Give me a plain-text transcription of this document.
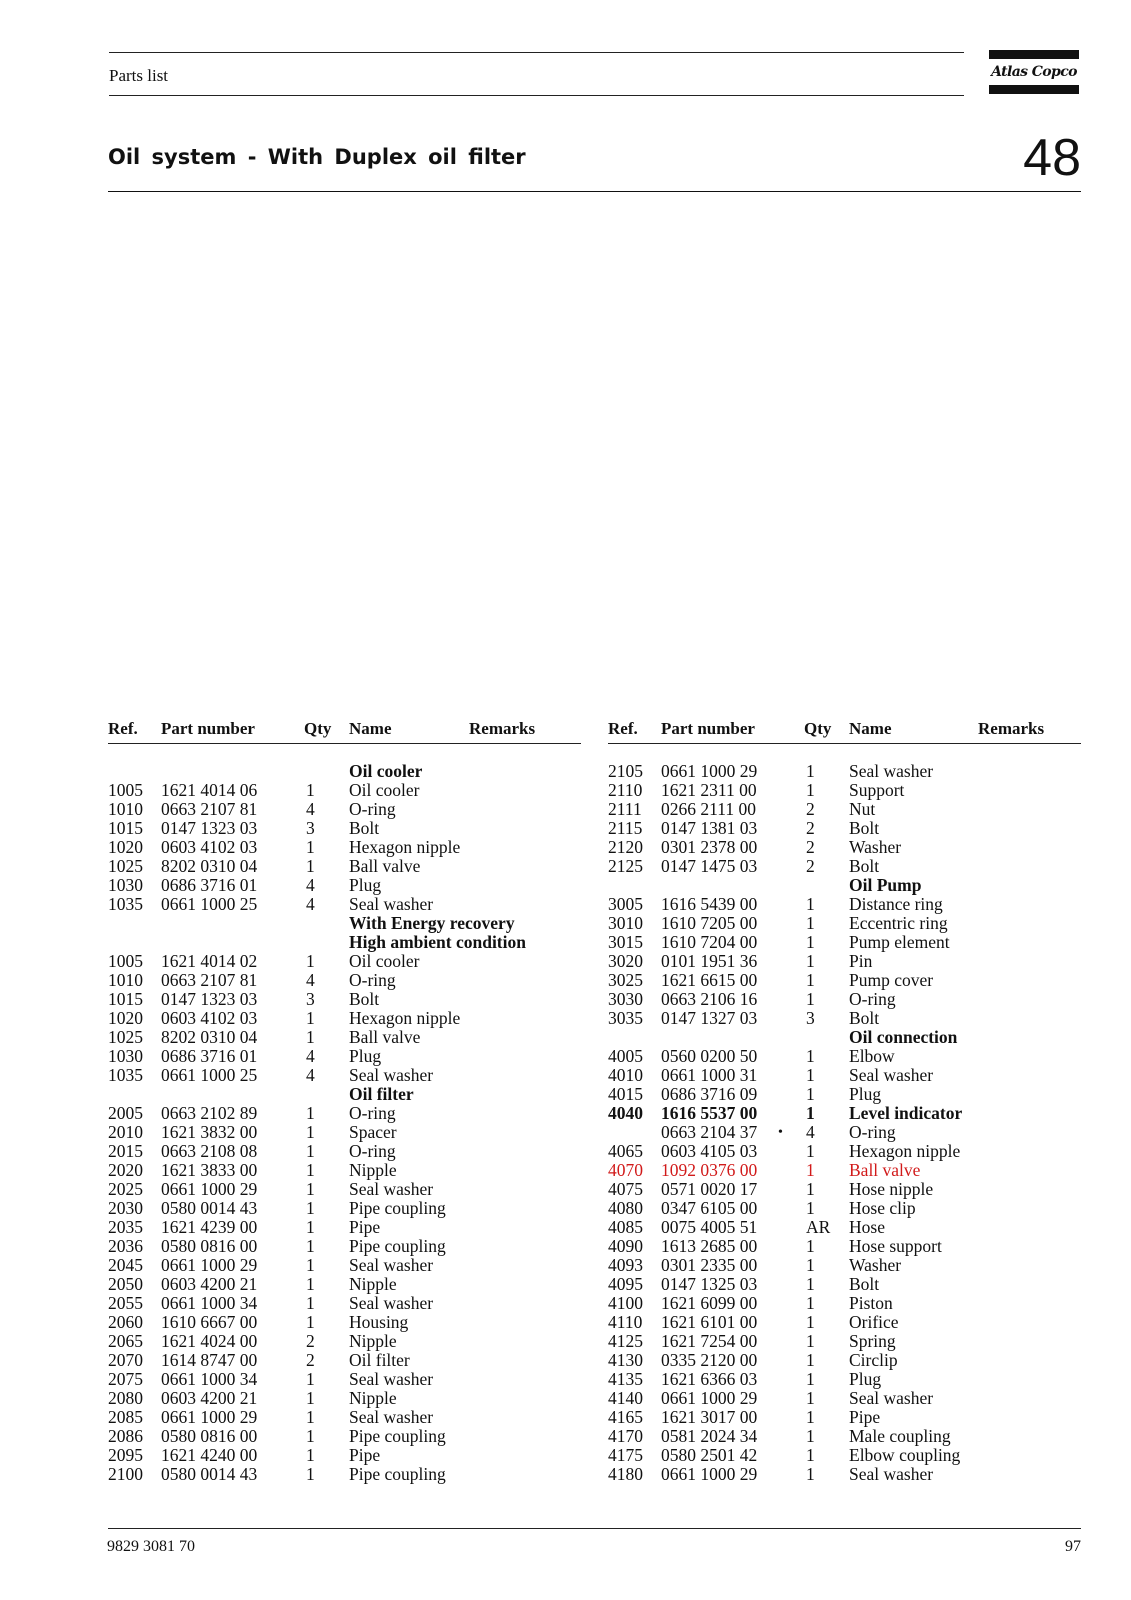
Parts list	Atlas Copco
Oil system - With Duplex oil filter	48
Ref. Part number	Qty Name	Remarks
Oil cooler
1005 1621 4014 06	1 Oil cooler
1010 0663 2107 81	4 O-ring
1015 0147 1323 03	3 Bolt
1020 0603 4102 03	1 Hexagon nipple
1025 8202 0310 04	1 Ball valve
1030 0686 3716 01	4 Plug
1035 0661 1000 25	4 Seal washer
With Energy recovery
High ambient condition
1005 1621 4014 02	1 Oil cooler
1010 0663 2107 81	4 O-ring
1015 0147 1323 03	3 Bolt
1020 0603 4102 03	1 Hexagon nipple
1025 8202 0310 04	1 Ball valve
1030 0686 3716 01	4 Plug
1035 0661 1000 25	4 Seal washer
Oil filter
2005 0663 2102 89	1 O-ring
2010 1621 3832 00	1 Spacer
2015 0663 2108 08	1 O-ring
2020 1621 3833 00	1 Nipple
2025 0661 1000 29	1 Seal washer
2030 0580 0014 43	1 Pipe coupling
2035 1621 4239 00	1 Pipe
2036 0580 0816 00	1 Pipe coupling
2045 0661 1000 29	1 Seal washer
2050 0603 4200 21	1 Nipple
2055 0661 1000 34	1 Seal washer
2060 1610 6667 00	1 Housing
2065 1621 4024 00	2 Nipple
2070 1614 8747 00	2 Oil filter
2075 0661 1000 34	1 Seal washer
2080 0603 4200 21	1 Nipple
2085 0661 1000 29	1 Seal washer
2086 0580 0816 00	1 Pipe coupling
2095 1621 4240 00	1 Pipe
2100 0580 0014 43	1 Pipe coupling
Ref. Part number	Qty Name	Remarks
2105 0661 1000 29	1 Seal washer
2110 1621 2311 00	1 Support
2111 0266 2111 00	2 Nut
2115 0147 1381 03	2 Bolt
2120 0301 2378 00	2 Washer
2125 0147 1475 03	2 Bolt
Oil Pump
3005 1616 5439 00	1 Distance ring
3010 1610 7205 00	1 Eccentric ring
3015 1610 7204 00	1 Pump element
3020 0101 1951 36	1 Pin
3025 1621 6615 00	1 Pump cover
3030 0663 2106 16	1 O-ring
3035 0147 1327 03	3 Bolt
Oil connection
4005 0560 0200 50	1 Elbow
4010 0661 1000 31	1 Seal washer
4015 0686 3716 09	1 Plug
4040 1616 5537 00	1 Level indicator
0663 2104 37	4 O-ring
•
4065 0603 4105 03	1 Hexagon nipple
4070 1092 0376 00	1 Ball valve
4075 0571 0020 17	1 Hose nipple
4080 0347 6105 00	1 Hose clip
4085 0075 4005 51	AR Hose
4090 1613 2685 00	1 Hose support
4093 0301 2335 00	1 Washer
4095 0147 1325 03	1 Bolt
4100 1621 6099 00	1 Piston
4110 1621 6101 00	1 Orifice
4125 1621 7254 00	1 Spring
4130 0335 2120 00	1 Circlip
4135 1621 6366 03	1 Plug
4140 0661 1000 29	1 Seal washer
4165 1621 3017 00	1 Pipe
4170 0581 2024 34	1 Male coupling
4175 0580 2501 42	1 Elbow coupling
4180 0661 1000 29	1 Seal washer
9829 3081 70	97
